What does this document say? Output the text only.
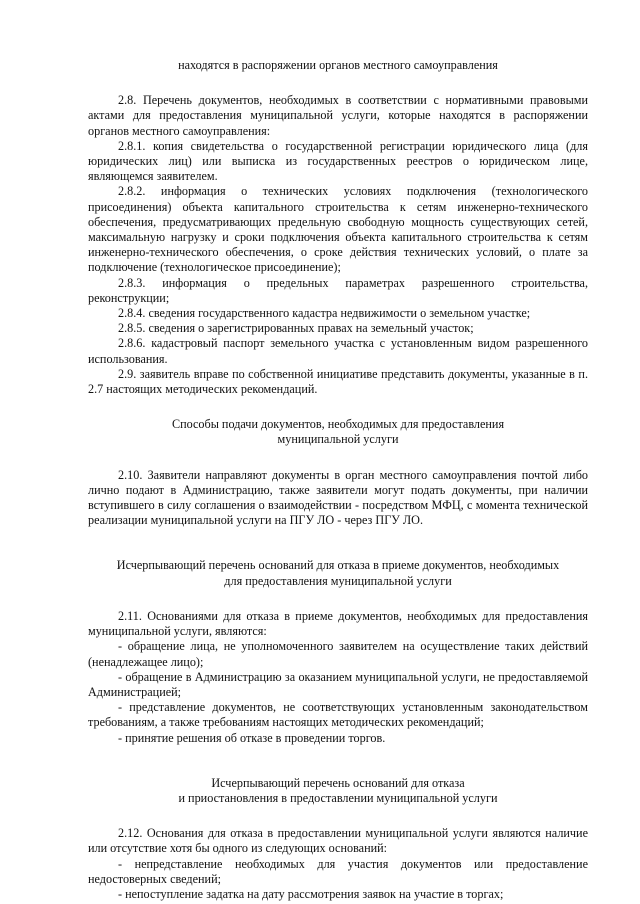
находятся в распоряжении органов местного самоуправления

2.8. Перечень документов, необходимых в соответствии с нормативными правовыми актами для предоставления муниципальной услуги, которые находятся в распоряжении органов местного самоуправления:

2.8.1. копия свидетельства о государственной регистрации юридического лица (для юридических лиц) или выписка из государственных реестров о юридическом лице, являющемся заявителем.

2.8.2. информация о технических условиях подключения (технологического присоединения) объекта капитального строительства к сетям инженерно-технического обеспечения, предусматривающих предельную свободную мощность существующих сетей, максимальную нагрузку и сроки подключения объекта капитального строительства к сетям инженерно-технического обеспечения, о сроке действия технических условий, о плате за подключение (технологическое присоединение);

2.8.3. информация о предельных параметрах разрешенного строительства, реконструкции;

2.8.4. сведения государственного кадастра недвижимости о земельном участке;

2.8.5. сведения о зарегистрированных правах на земельный участок;

2.8.6. кадастровый паспорт земельного участка с установленным видом разрешенного использования.

2.9. заявитель вправе по собственной инициативе представить документы, указанные в п. 2.7 настоящих методических рекомендаций.

Способы подачи документов, необходимых для предоставления

муниципальной услуги

2.10. Заявители направляют документы в орган местного самоуправления почтой либо лично подают в Администрацию, также заявители могут подать документы, при наличии вступившего в силу соглашения о взаимодействии - посредством МФЦ, с момента технической реализации муниципальной услуги на ПГУ ЛО - через ПГУ ЛО.

Исчерпывающий перечень оснований для отказа в приеме документов, необходимых

для предоставления муниципальной услуги

2.11. Основаниями для отказа в приеме документов, необходимых для предоставления муниципальной услуги, являются:

- обращение лица, не уполномоченного заявителем на осуществление таких действий (ненадлежащее лицо);

- обращение в Администрацию за оказанием муниципальной услуги, не предоставляемой Администрацией;

- представление документов, не соответствующих установленным законодательством требованиям, а также требованиям настоящих методических рекомендаций;

- принятие решения об отказе в проведении торгов.

Исчерпывающий перечень оснований для отказа

и приостановления в предоставлении муниципальной услуги

2.12. Основания для отказа в предоставлении муниципальной услуги являются наличие или отсутствие хотя бы одного из следующих оснований:

- непредставление необходимых для участия документов или предоставление недостоверных сведений;

- непоступление задатка на дату рассмотрения заявок на участие в торгах;
